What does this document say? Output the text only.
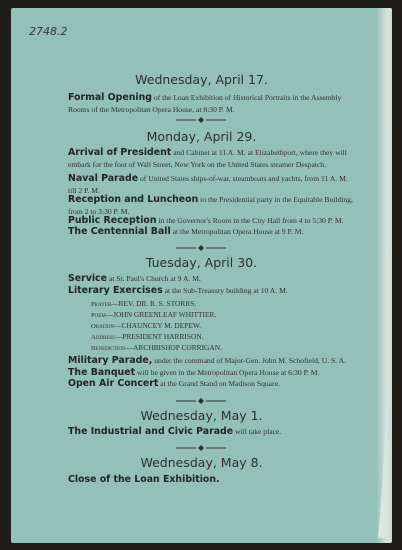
2748.2
Wednesday, April 17.
Formal Opening of the Loan Exhibition of Historical Portraits in the Assembly Rooms of the Metropolitan Opera House, at 8:30 P. M.
Monday, April 29.
Arrival of President and Cabinet at 11 A. M. at Elizabethport, where they will embark for the foot of Wall Street, New York on the United States steamer Despatch.
Naval Parade of United States ships-of-war, steamboats and yachts, from 11 A. M. till 2 P. M.
Reception and Luncheon to the Presidential party in the Equitable Building, from 2 to 3:30 P. M.
Public Reception in the Governor's Room in the City Hall from 4 to 5:30 P. M.
The Centennial Ball at the Metropolitan Opera House at 9 P. M.
Tuesday, April 30.
Service at St. Paul's Church at 9 A. M.
Literary Exercises at the Sub-Treasury building at 10 A. M.
Prayer—REV. DR. R. S. STORRS.
Poem—JOHN GREENLEAF WHITTIER.
Oration—CHAUNCEY M. DEPEW.
Address—PRESIDENT HARRISON.
Benediction—ARCHBISHOP CORRIGAN.
Military Parade, under the command of Major-Gen. John M. Schofield, U. S. A.
The Banquet will be given in the Metropolitan Opera House at 6:30 P. M.
Open Air Concert at the Grand Stand on Madison Square.
Wednesday, May 1.
The Industrial and Civic Parade will take place.
Wednesday, May 8.
Close of the Loan Exhibition.
